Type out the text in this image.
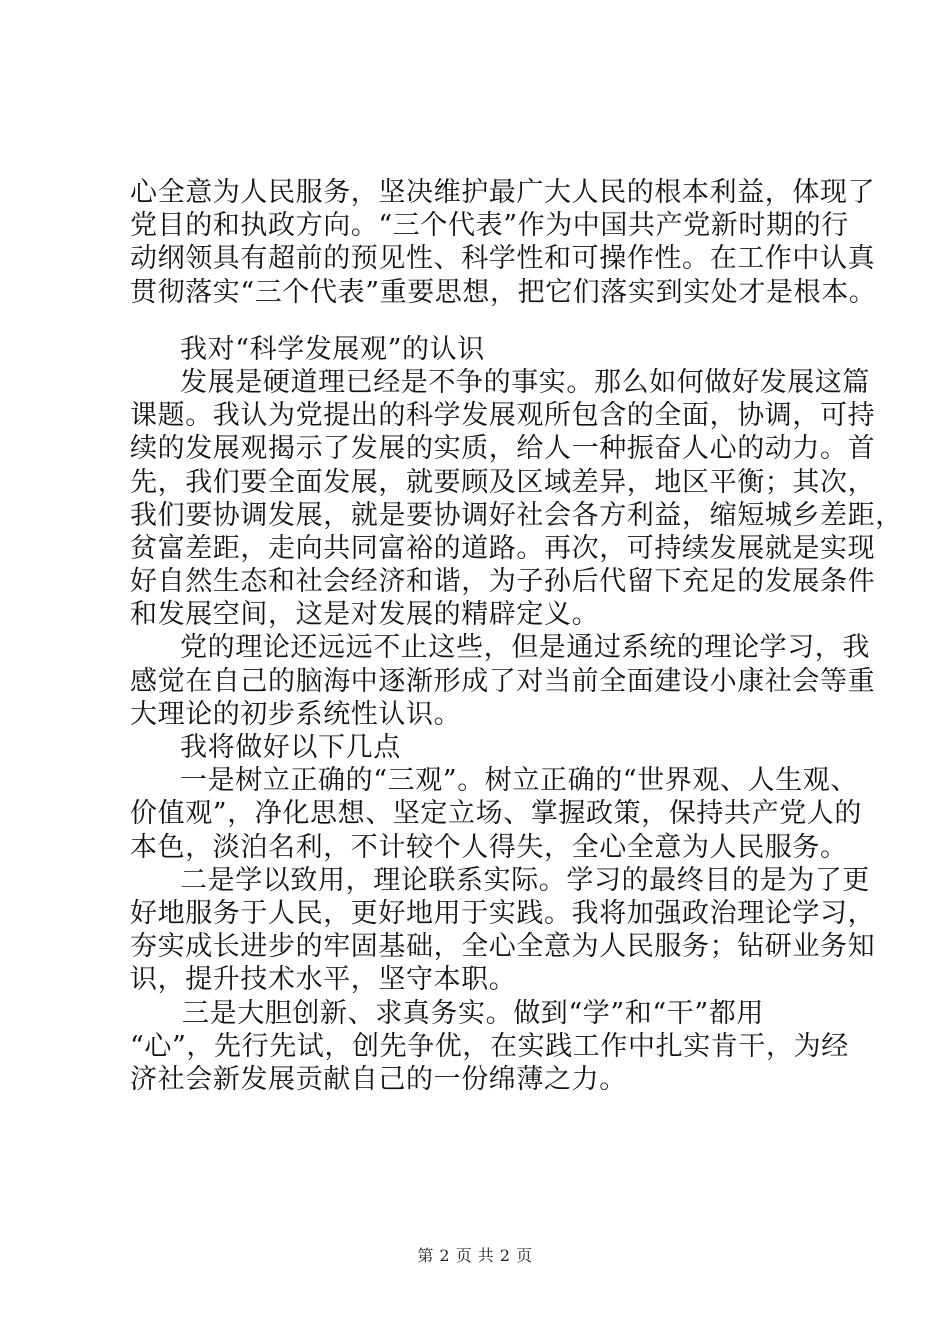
心全意为人民服务，坚决维护最广大人民的根本利益，体现了
党目的和执政方向。“三个代表”作为中国共产党新时期的行
动纲领具有超前的预见性、科学性和可操作性。在工作中认真
贯彻落实“三个代表”重要思想，把它们落实到实处才是根本。
我对“科学发展观”的认识
发展是硬道理已经是不争的事实。那么如何做好发展这篇
课题。我认为党提出的科学发展观所包含的全面，协调，可持
续的发展观揭示了发展的实质，给人一种振奋人心的动力。首
先，我们要全面发展，就要顾及区域差异，地区平衡；其次，
我们要协调发展，就是要协调好社会各方利益，缩短城乡差距，
贫富差距，走向共同富裕的道路。再次，可持续发展就是实现
好自然生态和社会经济和谐，为子孙后代留下充足的发展条件
和发展空间，这是对发展的精辟定义。
党的理论还远远不止这些，但是通过系统的理论学习，我
感觉在自己的脑海中逐渐形成了对当前全面建设小康社会等重
大理论的初步系统性认识。
我将做好以下几点
一是树立正确的“三观”。树立正确的“世界观、人生观、
价值观”，净化思想、坚定立场、掌握政策，保持共产党人的
本色，淡泊名利，不计较个人得失，全心全意为人民服务。
二是学以致用，理论联系实际。学习的最终目的是为了更
好地服务于人民，更好地用于实践。我将加强政治理论学习，
夯实成长进步的牢固基础，全心全意为人民服务；钻研业务知
识，提升技术水平，坚守本职。
三是大胆创新、求真务实。做到“学”和“干”都用
“心”，先行先试，创先争优，在实践工作中扎实肯干，为经
济社会新发展贡献自己的一份绵薄之力。
第 2 页 共 2 页
